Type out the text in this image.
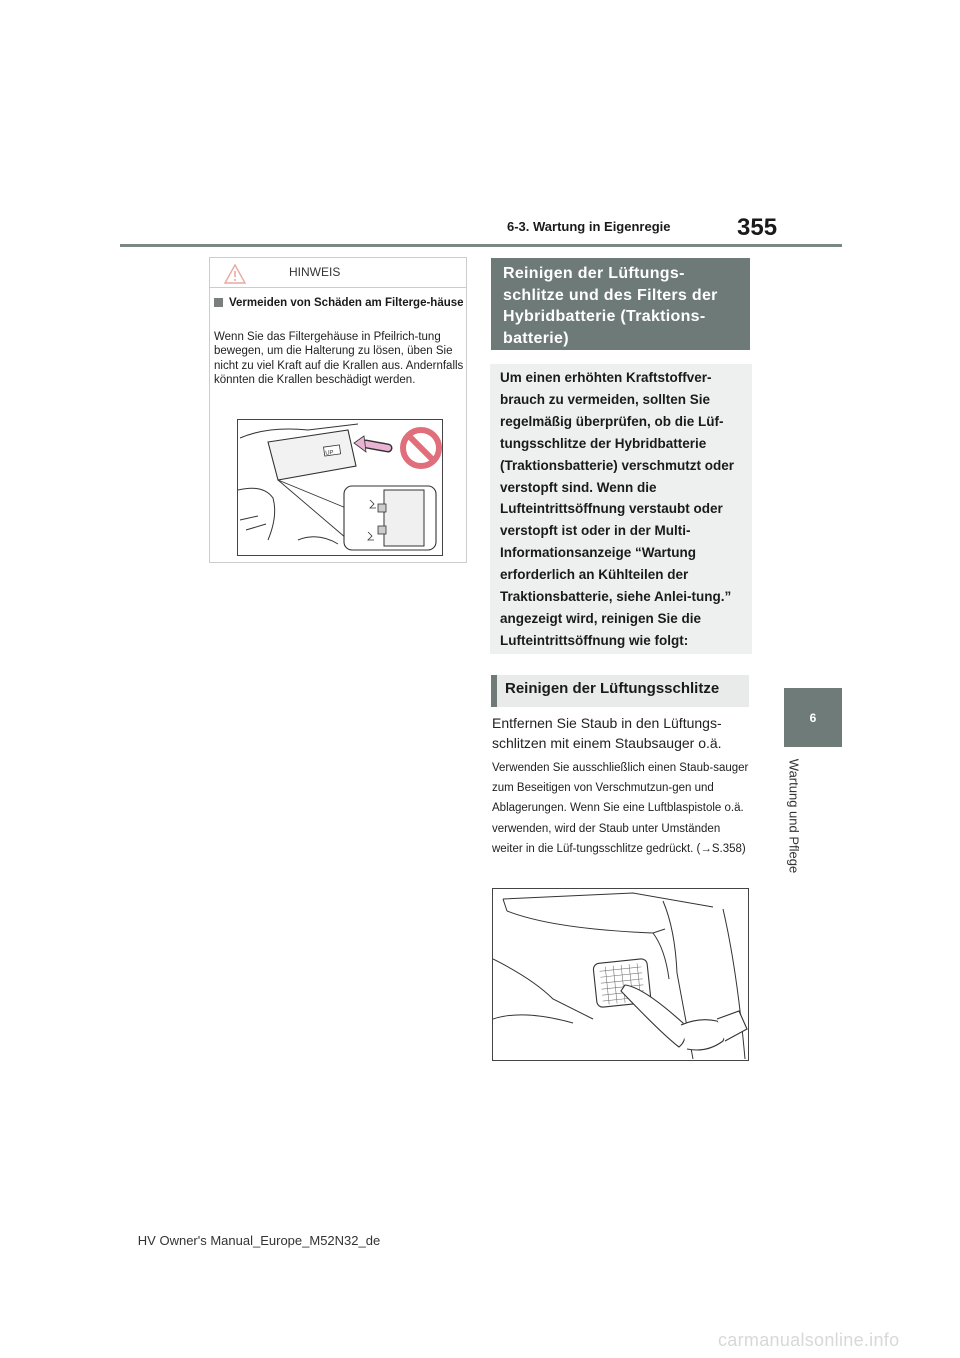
6-3. Wartung in Eigenregie	355
6
Wartung und Pflege
HINWEIS
Vermeiden von Schäden am Filterge-häuse
Wenn Sie das Filtergehäuse in Pfeilrich-tung bewegen, um die Halterung zu lösen, üben Sie nicht zu viel Kraft auf die Krallen aus. Andernfalls könnten die Krallen beschädigt werden.
UP
Reinigen der Lüftungs-schlitze und des Filters der Hybridbatterie (Traktions-batterie)
Um einen erhöhten Kraftstoffver-brauch zu vermeiden, sollten Sie regelmäßig überprüfen, ob die Lüf-tungsschlitze der Hybridbatterie (Traktionsbatterie) verschmutzt oder verstopft sind. Wenn die Lufteintrittsöffnung verstaubt oder verstopft ist oder in der Multi-Informationsanzeige “Wartung erforderlich an Kühlteilen der Traktionsbatterie, siehe Anlei-tung.” angezeigt wird, reinigen Sie die Lufteintrittsöffnung wie folgt:
Reinigen der Lüftungsschlitze
Entfernen Sie Staub in den Lüftungs-schlitzen mit einem Staubsauger o.ä.
Verwenden Sie ausschließlich einen Staub-sauger zum Beseitigen von Verschmutzun-gen und Ablagerungen. Wenn Sie eine Luftblaspistole o.ä. verwenden, wird der Staub unter Umständen weiter in die Lüf-tungsschlitze gedrückt. (→S.358)
HV Owner's Manual_Europe_M52N32_de
carmanualsonline.info
